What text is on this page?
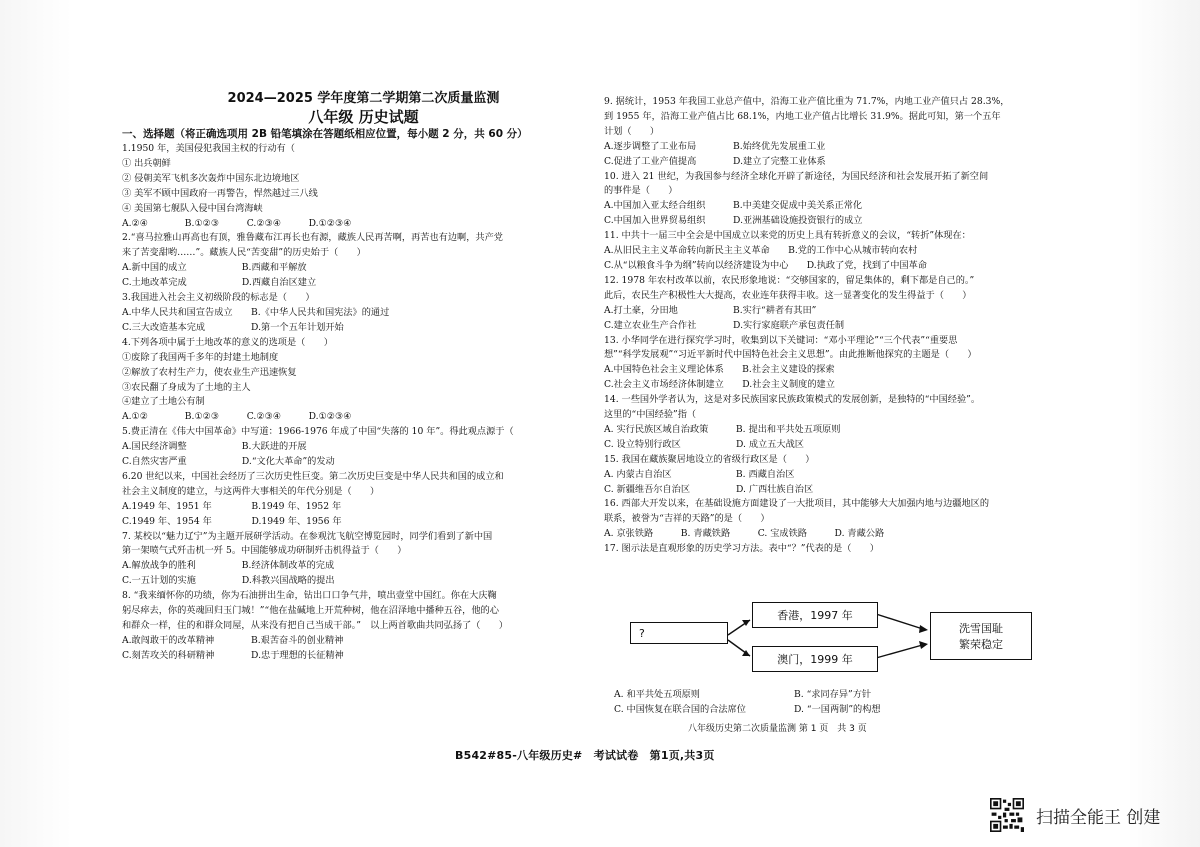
2024—2025 学年度第二学期第二次质量监测
八年级 历史试题
一、选择题（将正确选项用 2B 铅笔填涂在答题纸相应位置，每小题 2 分，共 60 分）
1.1950 年，美国侵犯我国主权的行动有（
① 出兵朝鲜
② 侵朝美军飞机多次轰炸中国东北边境地区
③ 美军不顾中国政府一再警告，悍然越过三八线
④ 美国第七舰队入侵中国台湾海峡
A.②④　　　　B.①②③　　　C.②③④　　　D.①②③④
2.“喜马拉雅山再高也有顶，雅鲁藏布江再长也有源，藏族人民再苦啊，再苦也有边啊，共产党
来了苦变甜哟……”。藏族人民“苦变甜”的历史始于（　　）
A.新中国的成立　　　　　　B.西藏和平解放
C.土地改革完成　　　　　　D.西藏自治区建立
3.我国进入社会主义初级阶段的标志是（　　）
A.中华人民共和国宣告成立　　B.《中华人民共和国宪法》的通过
C.三大改造基本完成　　　　　D.第一个五年计划开始
4.下列各项中属于土地改革的意义的选项是（　　）
①废除了我国两千多年的封建土地制度
②解放了农村生产力，使农业生产迅速恢复
③农民翻了身成为了土地的主人
④建立了土地公有制
A.①②　　　　B.①②③　　　C.②③④　　　D.①②③④
5.费正清在《伟大中国革命》中写道：1966-1976 年成了中国“失落的 10 年”。得此观点源于（
A.国民经济调整　　　　　　B.大跃进的开展
C.自然灾害严重　　　　　　D.“文化大革命”的发动
6.20 世纪以来，中国社会经历了三次历史性巨变。第二次历史巨变是中华人民共和国的成立和
社会主义制度的建立，与这两件大事相关的年代分别是（　　）
A.1949 年、1951 年　　　　 B.1949 年、1952 年
C.1949 年、1954 年　　　　 D.1949 年、1956 年
7. 某校以“魅力辽宁”为主题开展研学活动。在参观沈飞航空博览园时，同学们看到了新中国
第一架喷气式歼击机一歼 5。中国能够成功研制歼击机得益于（　　）
A.解放战争的胜利　　　　　B.经济体制改革的完成
C.一五计划的实施　　　　　D.科教兴国战略的提出
8. “我来缅怀你的功绩，你为石油拼出生命，钻出口口争气井，喷出壹堂中国红。你在大庆鞠
躬尽瘁去，你的英魂回归玉门城！”“他在盐碱地上开荒种树，他在沼泽地中播种五谷，他的心
和群众一样，住的和群众同屋，从来没有把自己当成干部。”　以上两首歌曲共同弘扬了（　　）
A.敢闯敢干的改革精神　　　　B.艰苦奋斗的创业精神
C.刻苦攻关的科研精神　　　　D.忠于理想的长征精神
9. 据统计，1953 年我国工业总产值中，沿海工业产值比重为 71.7%，内地工业产值只占 28.3%，
到 1955 年，沿海工业产值占比 68.1%，内地工业产值占比增长 31.9%。据此可知，第一个五年
计划（　　）
A.逐步调整了工业布局　　　　B.始终优先发展重工业
C.促进了工业产值提高　　　　D.建立了完整工业体系
10. 进入 21 世纪，为我国参与经济全球化开辟了新途径，为国民经济和社会发展开拓了新空间
的事件是（　　）
A.中国加入亚太经合组织　　　B.中美建交促成中美关系正常化
C.中国加入世界贸易组织　　　D.亚洲基础设施投资银行的成立
11. 中共十一届三中全会是中国成立以来党的历史上具有转折意义的会议，“转折”体现在：
A.从旧民主主义革命转向新民主主义革命　　B.党的工作中心从城市转向农村
C.从“以粮食斗争为纲”转向以经济建设为中心　　D.执政了党，找到了中国革命
12. 1978 年农村改革以前，农民形象地说：“交够国家的，留足集体的，剩下都是自己的。”
此后，农民生产积极性大大提高，农业连年获得丰收。这一显著变化的发生得益于（　　）
A.打土豪，分田地　　　　　　B.实行“耕者有其田”
C.建立农业生产合作社　　　　D.实行家庭联产承包责任制
13. 小华同学在进行探究学习时，收集到以下关键词：“邓小平理论”“三个代表”“重要思
想”“科学发展观”“习近平新时代中国特色社会主义思想”。由此推断他探究的主题是（　　）
A.中国特色社会主义理论体系　　B.社会主义建设的探索
C.社会主义市场经济体制建立　　D.社会主义制度的建立
14. 一些国外学者认为，这是对多民族国家民族政策模式的发展创新，是独特的“中国经验”。
这里的“中国经验”指（
A. 实行民族区域自治政策　　　B. 提出和平共处五项原则
C. 设立特别行政区　　　　　　D. 成立五大战区
15. 我国在藏族聚居地设立的省级行政区是（　　）
A. 内蒙古自治区　　　　　　　B. 西藏自治区
C. 新疆维吾尔自治区　　　　　D. 广西壮族自治区
16. 西部大开发以来，在基础设施方面建设了一大批项目，其中能够大大加强内地与边疆地区的
联系，被誉为“吉祥的天路”的是（　　）
A. 京张铁路　　　B. 青藏铁路　　　C. 宝成铁路　　　D. 青藏公路
17. 图示法是直观形象的历史学习方法。表中“？”代表的是（　　）
?
香港，1997 年
澳门，1999 年
洗雪国耻
繁荣稳定
A. 和平共处五项原则	B. “求同存异”方针
C. 中国恢复在联合国的合法席位	D. “一国两制”的构想
八年级历史第二次质量监测 第 1 页　共 3 页
B542#85-八年级历史#　考试试卷　第1页,共3页
扫描全能王 创建
